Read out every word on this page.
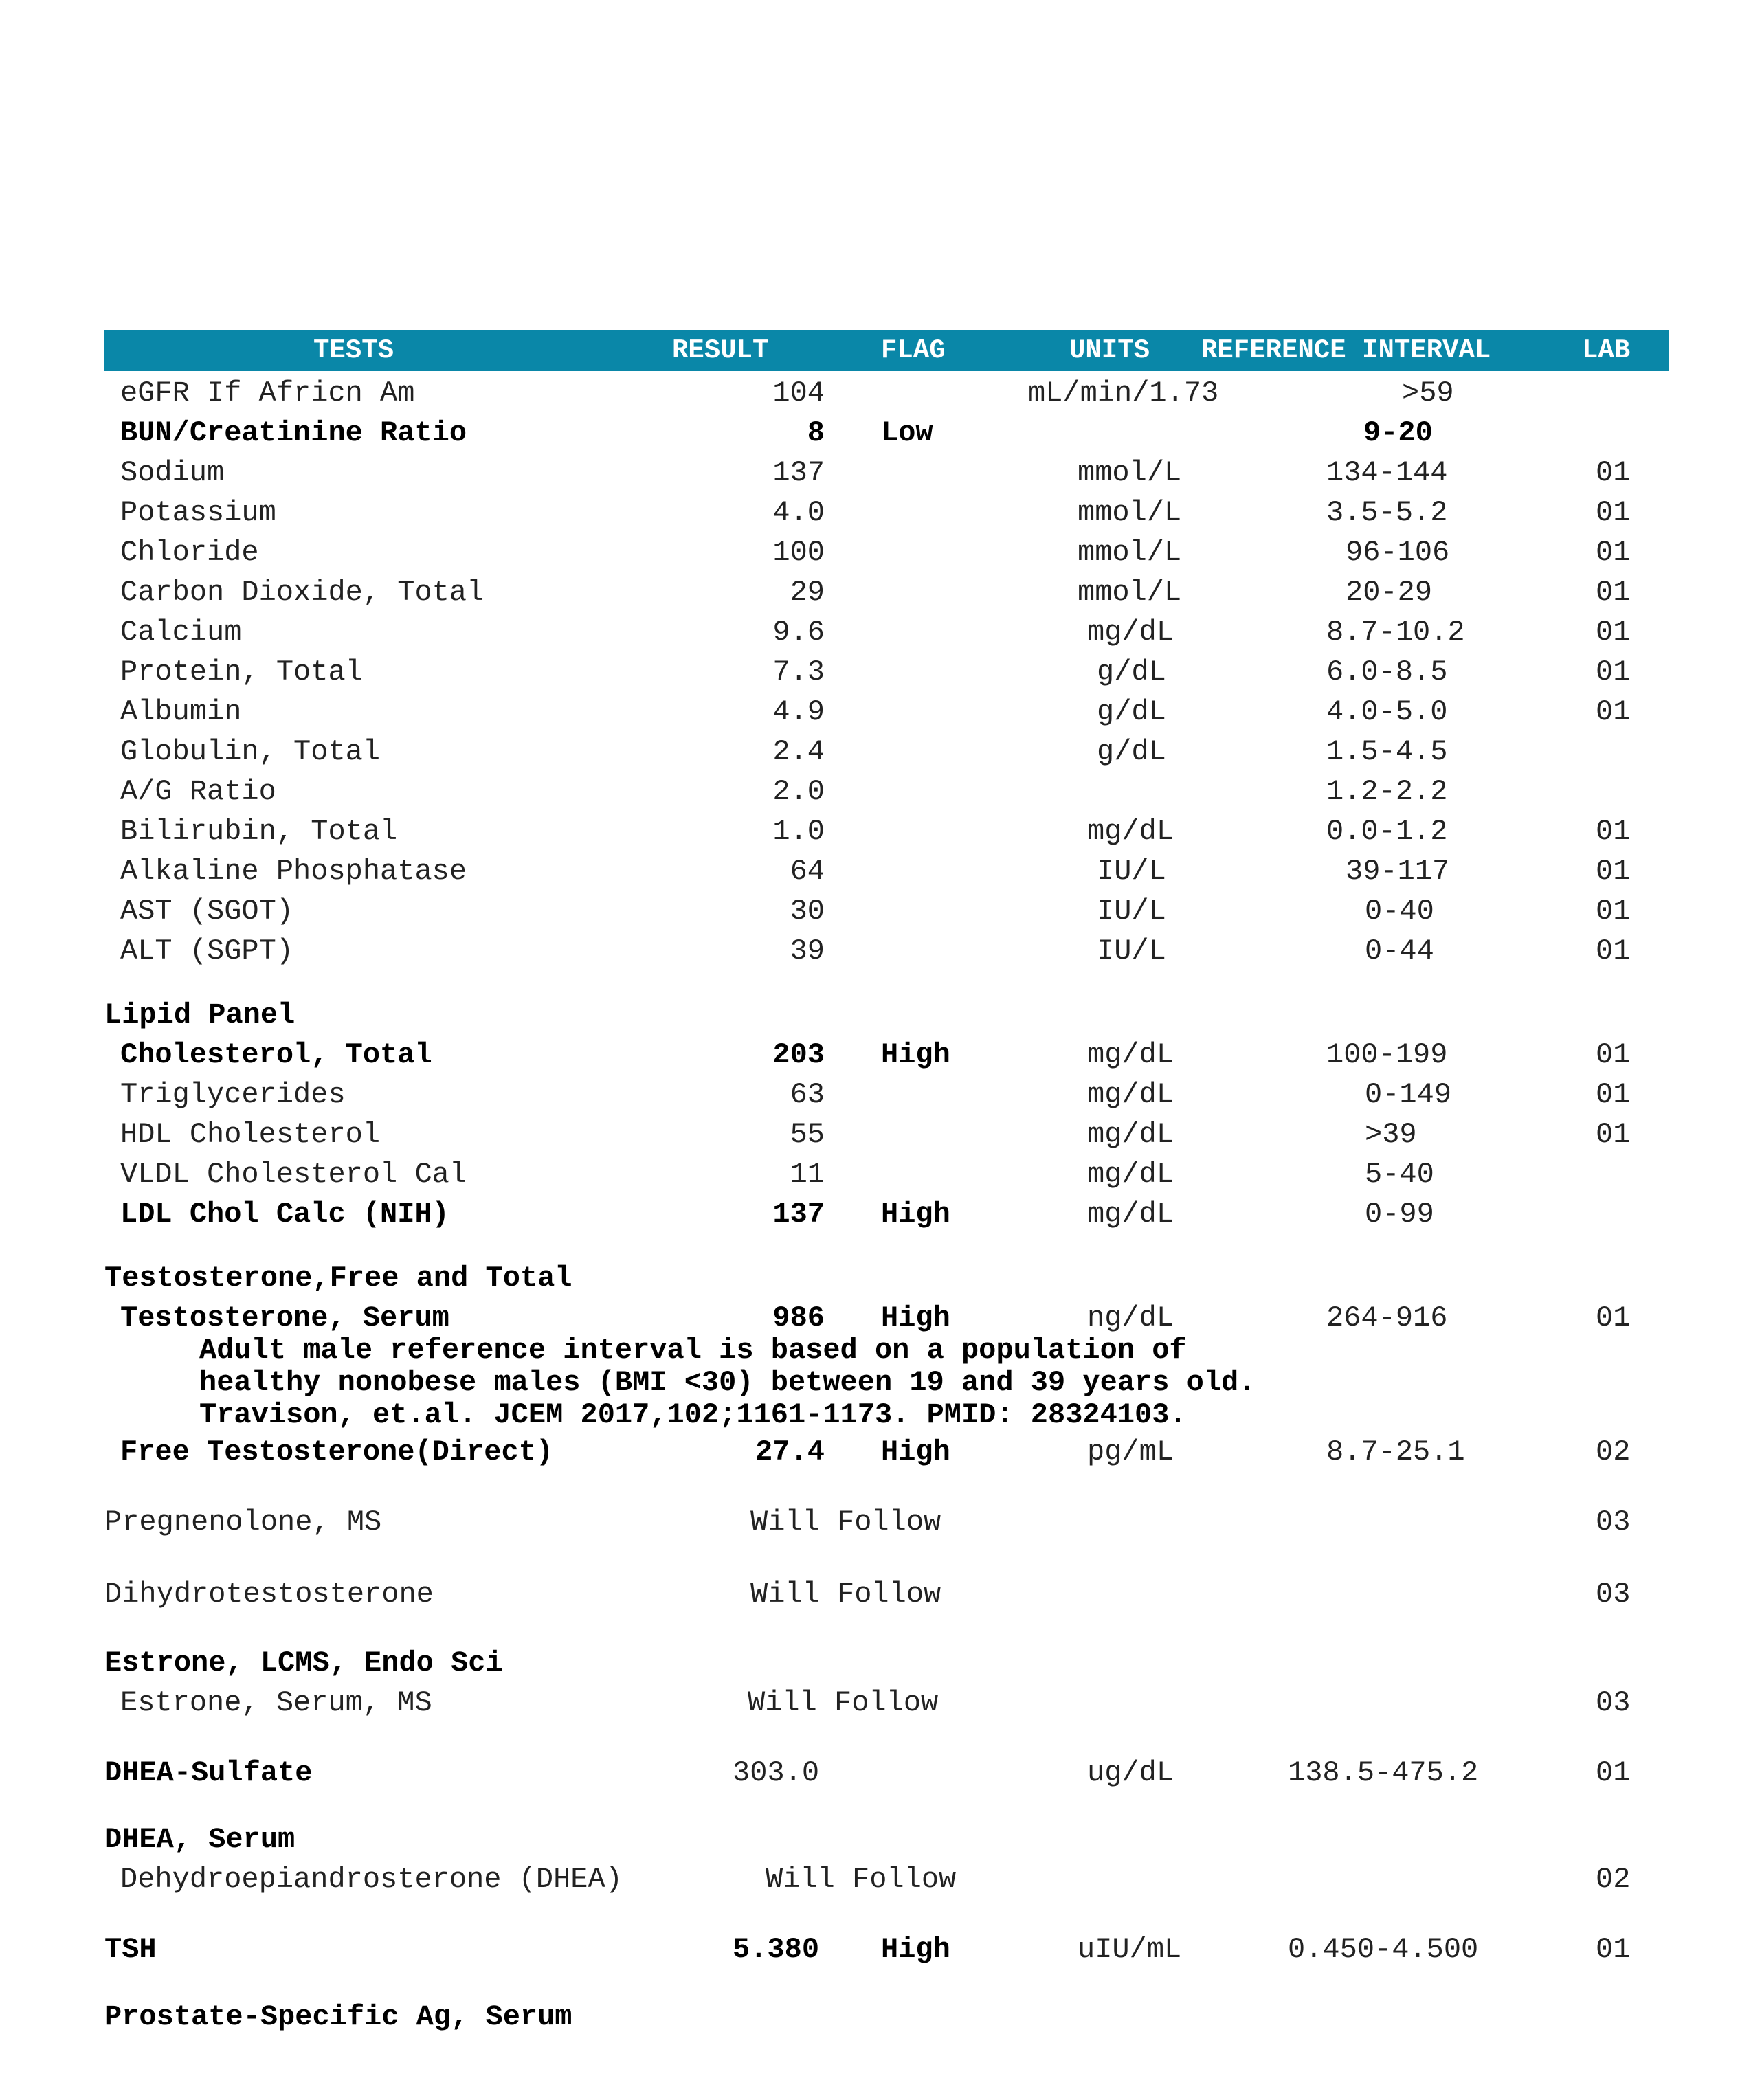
TESTS	RESULT	FLAG	UNITS REFERENCE INTERVAL	LAB
eGFR If Africn Am	104	mL/min/1.73	>59
BUN/Creatinine Ratio	8 Low	9-20
Sodium	137	mmol/L	134-144	01
Potassium	4.0	mmol/L	3.5-5.2	01
Chloride	100	mmol/L	96-106	01
Carbon Dioxide, Total	29	mmol/L	20-29	01
Calcium	9.6	mg/dL	8.7-10.2	01
Protein, Total	7.3	g/dL	6.0-8.5	01
Albumin	4.9	g/dL	4.0-5.0	01
Globulin, Total	2.4	g/dL	1.5-4.5
A/G Ratio	2.0	1.2-2.2
Bilirubin, Total	1.0	mg/dL	0.0-1.2	01
Alkaline Phosphatase	64	IU/L	39-117	01
AST (SGOT)	30	IU/L	0-40	01
ALT (SGPT)	39	IU/L	0-44	01
Lipid Panel
Cholesterol, Total	203 High	mg/dL	100-199	01
Triglycerides	63	mg/dL	0-149	01
HDL Cholesterol	55	mg/dL	>39	01
VLDL Cholesterol Cal	11	mg/dL	5-40
LDL Chol Calc (NIH)	137 High	mg/dL	0-99
Testosterone,Free and Total
Testosterone, Serum	986 High	ng/dL	264-916	01
Adult male reference interval is based on a population of
healthy nonobese males (BMI <30) between 19 and 39 years old.
Travison, et.al. JCEM 2017,102;1161-1173. PMID: 28324103.
Free Testosterone(Direct)	27.4 High	pg/mL	8.7-25.1	02
Pregnenolone, MS	Will Follow	03
Dihydrotestosterone	Will Follow	03
Estrone, LCMS, Endo Sci
Estrone, Serum, MS	Will Follow	03
DHEA-Sulfate	303.0	ug/dL	138.5-475.2	01
DHEA, Serum
Dehydroepiandrosterone (DHEA)	Will Follow	02
TSH	5.380 High	uIU/mL	0.450-4.500	01
Prostate-Specific Ag, Serum
